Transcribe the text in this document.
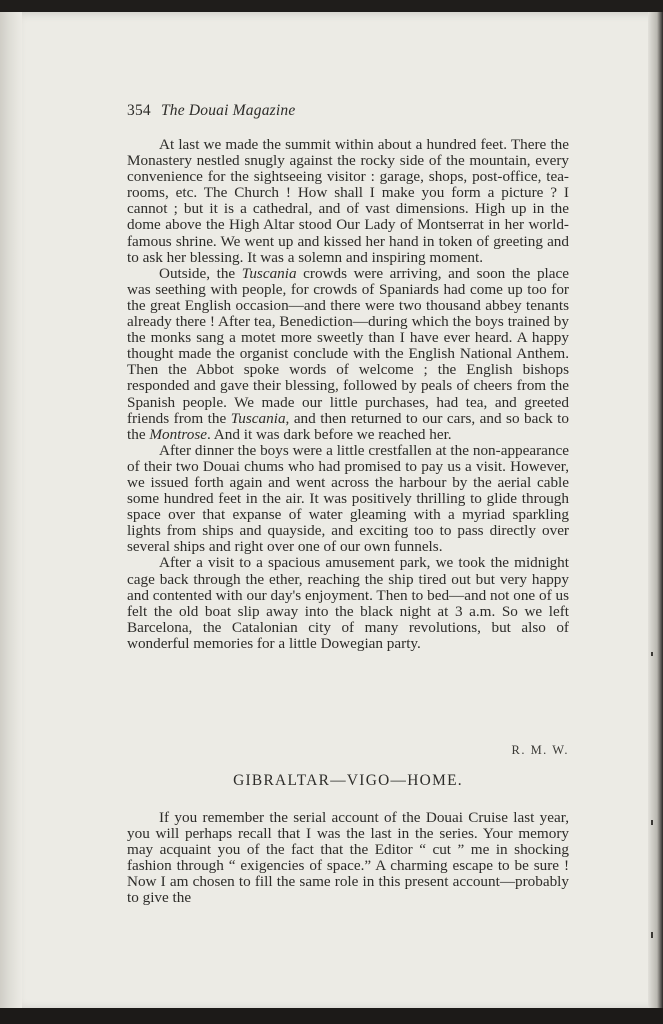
354 The Douai Magazine

At last we made the summit within about a hundred feet. There the Monastery nestled snugly against the rocky side of the mountain, every convenience for the sightseeing visitor : garage, shops, post-office, tea-rooms, etc. The Church ! How shall I make you form a picture ? I cannot ; but it is a cathedral, and of vast dimensions. High up in the dome above the High Altar stood Our Lady of Montserrat in her world-famous shrine. We went up and kissed her hand in token of greeting and to ask her blessing. It was a solemn and inspiring moment.

Outside, the Tuscania crowds were arriving, and soon the place was seething with people, for crowds of Spaniards had come up too for the great English occasion—and there were two thousand abbey tenants already there ! After tea, Benediction—during which the boys trained by the monks sang a motet more sweetly than I have ever heard. A happy thought made the organist conclude with the English National Anthem. Then the Abbot spoke words of welcome ; the English bishops responded and gave their blessing, followed by peals of cheers from the Spanish people. We made our little purchases, had tea, and greeted friends from the Tuscania, and then returned to our cars, and so back to the Montrose. And it was dark before we reached her.

After dinner the boys were a little crestfallen at the non-appearance of their two Douai chums who had promised to pay us a visit. However, we issued forth again and went across the harbour by the aerial cable some hundred feet in the air. It was positively thrilling to glide through space over that expanse of water gleaming with a myriad sparkling lights from ships and quayside, and exciting too to pass directly over several ships and right over one of our own funnels.

After a visit to a spacious amusement park, we took the midnight cage back through the ether, reaching the ship tired out but very happy and contented with our day's enjoyment. Then to bed—and not one of us felt the old boat slip away into the black night at 3 a.m. So we left Barcelona, the Catalonian city of many revolutions, but also of wonderful memories for a little Dowegian party.

R. M. W.
GIBRALTAR—VIGO—HOME.

If you remember the serial account of the Douai Cruise last year, you will perhaps recall that I was the last in the series. Your memory may acquaint you of the fact that the Editor “ cut ” me in shocking fashion through “ exigencies of space.” A charming escape to be sure ! Now I am chosen to fill the same role in this present account—probably to give the
